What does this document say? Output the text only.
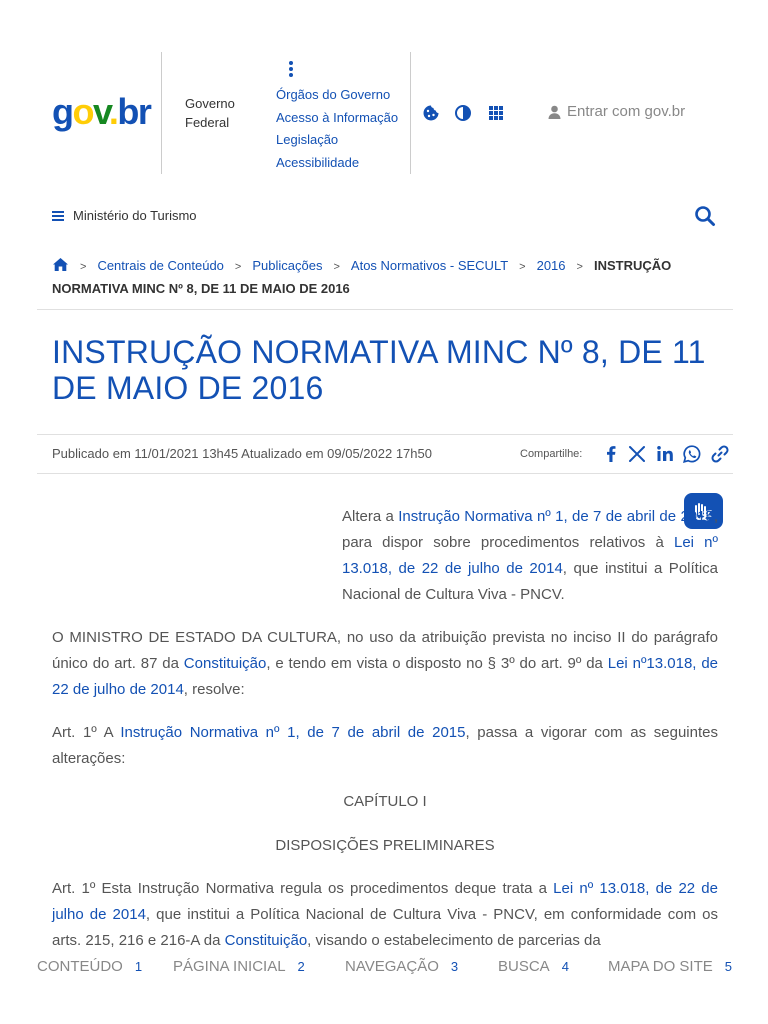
gov.br	Governo
Federal
Órgãos do Governo
Acesso à Informação
Legislação
Acessibilidade
Entrar com gov.br
Ministério do Turismo
> Centrais de Conteúdo > Publicações > Atos Normativos - SECULT > 2016 > INSTRUÇÃO NORMATIVA MINC Nº 8, DE 11 DE MAIO DE 2016
INSTRUÇÃO NORMATIVA MINC Nº 8, DE 11 DE MAIO DE 2016
Publicado em 11/01/2021 13h45 Atualizado em 09/05/2022 17h50	Compartilhe:

Altera a Instrução Normativa nº 1, de 7 de abril de 2015, para dispor sobre procedimentos relativos à Lei nº 13.018, de 22 de julho de 2014, que institui a Política Nacional de Cultura Viva - PNCV.

O MINISTRO DE ESTADO DA CULTURA, no uso da atribuição prevista no inciso II do parágrafo único do art. 87 da Constituição, e tendo em vista o disposto no § 3º do art. 9º da Lei nº13.018, de 22 de julho de 2014, resolve:

Art. 1º A Instrução Normativa nº 1, de 7 de abril de 2015, passa a vigorar com as seguintes alterações:

CAPÍTULO I

DISPOSIÇÕES PRELIMINARES

Art. 1º Esta Instrução Normativa regula os procedimentos deque trata a Lei nº 13.018, de 22 de julho de 2014, que institui a Política Nacional de Cultura Viva - PNCV, em conformidade com os arts. 215, 216 e 216-A da Constituição, visando o estabelecimento de parcerias da

CONTEÚDO 1 PÁGINA INICIAL 2	NAVEGAÇÃO 3	BUSCA 4	MAPA DO SITE 5
